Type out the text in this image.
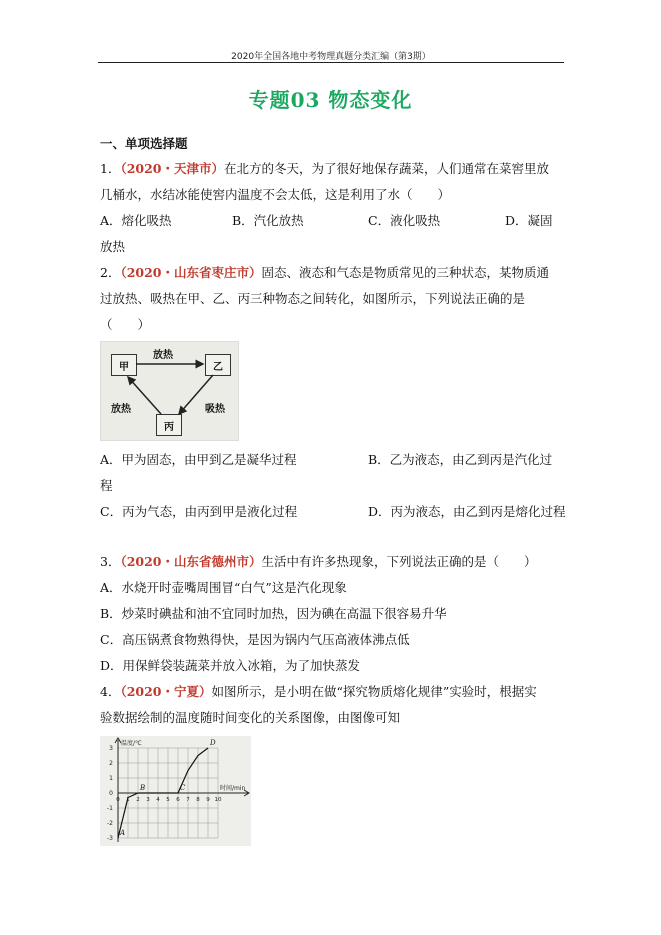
2020年全国各地中考物理真题分类汇编（第3期）
专题03 物态变化
一、单项选择题
1．（2020・天津市）在北方的冬天，为了很好地保存蔬菜，人们通常在菜窖里放
几桶水，水结冰能使窖内温度不会太低，这是利用了水（　　）
A．熔化吸热	B．汽化放热	C．液化吸热	D．凝固
放热
2．（2020・山东省枣庄市）固态、液态和气态是物质常见的三种状态，某物质通
过放热、吸热在甲、乙、丙三种物态之间转化，如图所示，下列说法正确的是
（　　）
甲	乙
丙
放热
放热	吸热
A．甲为固态，由甲到乙是凝华过程	B．乙为液态，由乙到丙是汽化过
程
C．丙为气态，由丙到甲是液化过程	D．丙为液态，由乙到丙是熔化过程
3．（2020・山东省德州市）生活中有许多热现象，下列说法正确的是（　　）
A．水烧开时壶嘴周围冒“白气”这是汽化现象
B．炒菜时碘盐和油不宜同时加热，因为碘在高温下很容易升华
C．高压锅煮食物熟得快，是因为锅内气压高液体沸点低
D．用保鲜袋装蔬菜并放入冰箱，为了加快蒸发
4．（2020・宁夏）如图所示，是小明在做“探究物质熔化规律”实验时，根据实
验数据绘制的温度随时间变化的关系图像，由图像可知
-3
-2
-1
0
1
2
3
0 1 2 3 4 5 6 7 8 9 10
温度/℃
时间/min
A
B	C
D
